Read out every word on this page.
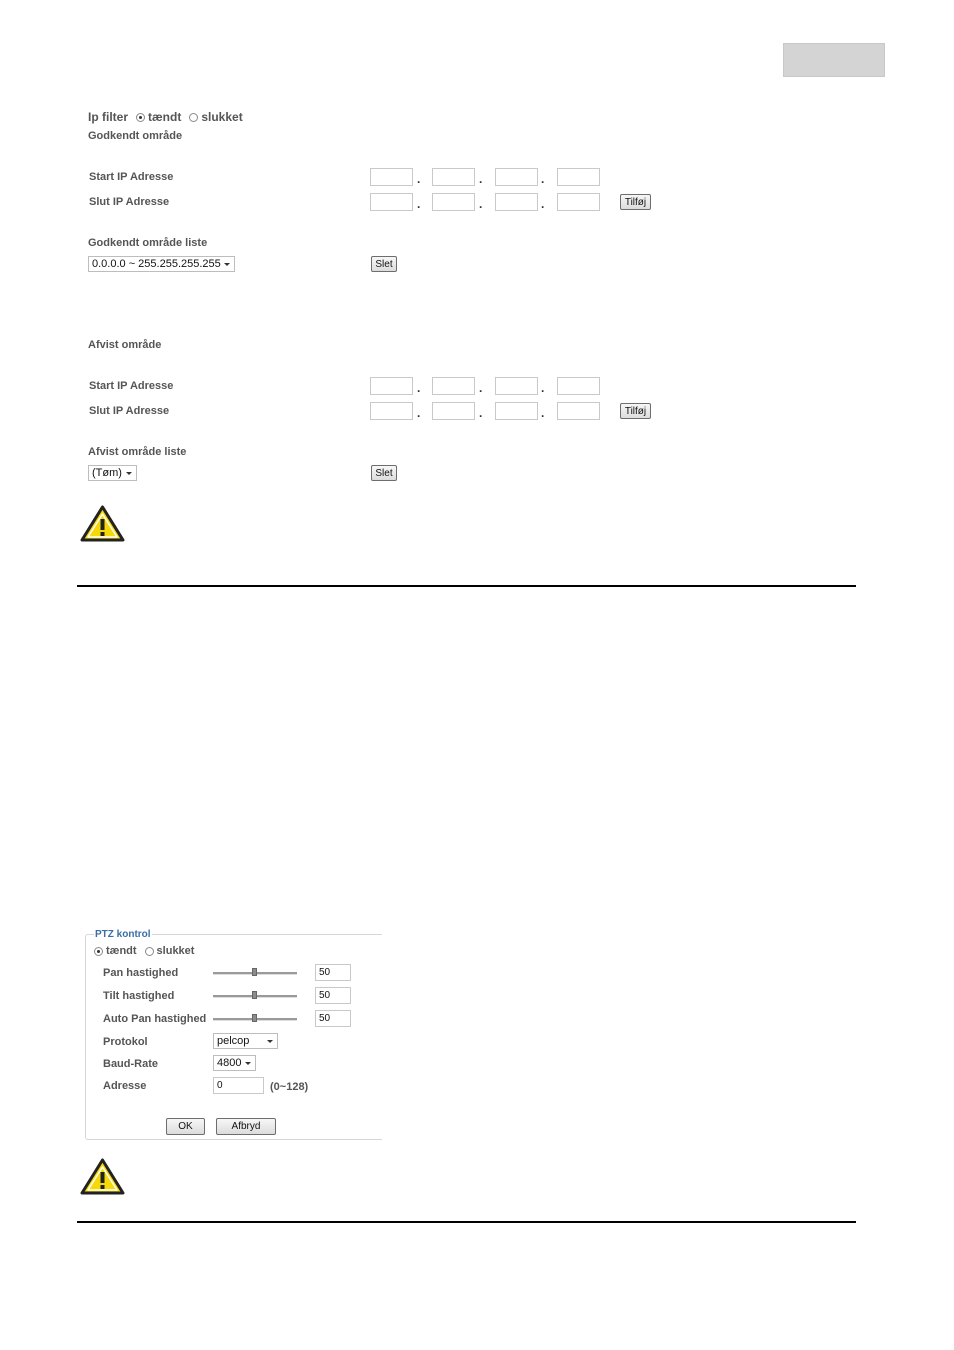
Ip filter tændt slukket
Godkendt område
Start IP Adresse	.	.	.
Slut IP Adresse	.	.	.	Tilføj
Godkendt område liste
0.0.0.0 ~ 255.255.255.255	Slet
Afvist område
Start IP Adresse	.	.	.
Slut IP Adresse	.	.	.	Tilføj
Afvist område liste
(Tøm)	Slet
PTZ kontrol
tændt slukket
Pan hastighed	50
Tilt hastighed	50
Auto Pan hastighed	50
Protokol	pelcop
Baud-Rate	4800
Adresse	0	(0~128)
OK	Afbryd
